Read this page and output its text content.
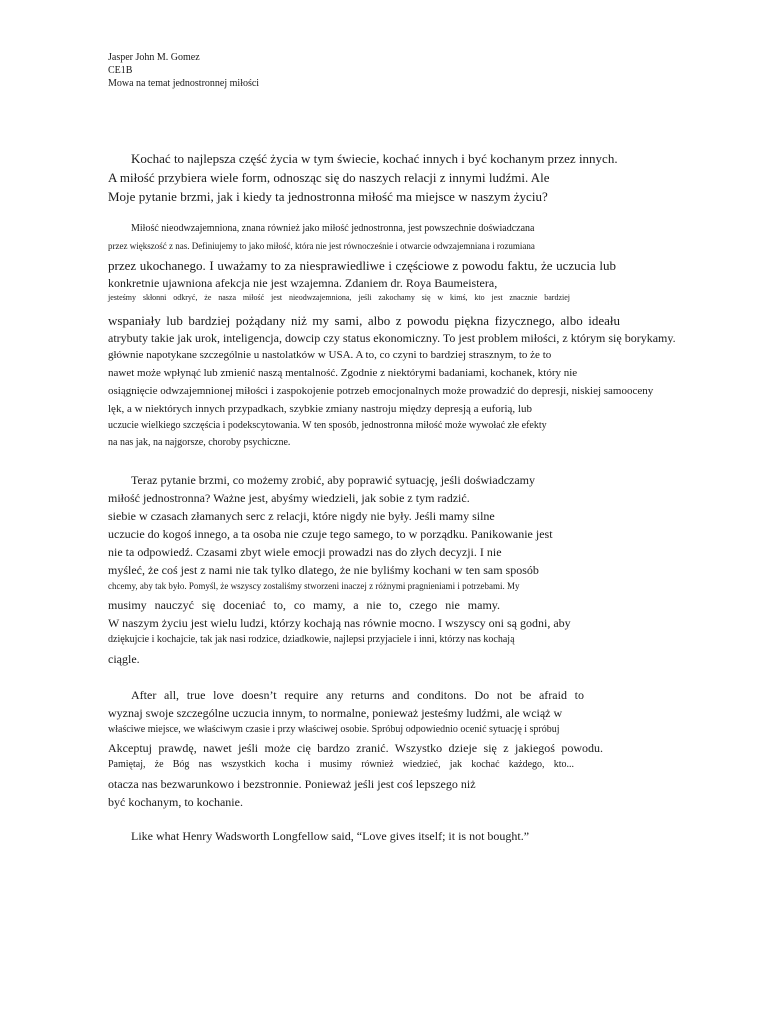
Jasper John M. Gomez
CE1B
Mowa na temat jednostronnej miłości
Kochać to najlepsza część życia w tym świecie, kochać innych i być kochanym przez innych.
A miłość przybiera wiele form, odnosząc się do naszych relacji z innymi ludźmi. Ale
Moje pytanie brzmi, jak i kiedy ta jednostronna miłość ma miejsce w naszym życiu?
Miłość nieodwzajemniona, znana również jako miłość jednostronna, jest powszechnie doświadczana
przez większość z nas. Definiujemy to jako miłość, która nie jest równocześnie i otwarcie odwzajemniana i rozumiana
przez ukochanego. I uważamy to za niesprawiedliwe i częściowe z powodu faktu, że uczucia lub
konkretnie ujawniona afekcja nie jest wzajemna. Zdaniem dr. Roya Baumeistera,
jesteśmy skłonni odkryć, że nasza miłość jest nieodwzajemniona, jeśli zakochamy się w kimś, kto jest znacznie bardziej
wspaniały lub bardziej pożądany niż my sami, albo z powodu piękna fizycznego, albo ideału
atrybuty takie jak urok, inteligencja, dowcip czy status ekonomiczny. To jest problem miłości, z którym się borykamy.
głównie napotykane szczególnie u nastolatków w USA. A to, co czyni to bardziej strasznym, to że to
nawet może wpłynąć lub zmienić naszą mentalność. Zgodnie z niektórymi badaniami, kochanek, który nie
osiągnięcie odwzajemnionej miłości i zaspokojenie potrzeb emocjonalnych może prowadzić do depresji, niskiej samooceny
lęk, a w niektórych innych przypadkach, szybkie zmiany nastroju między depresją a euforią, lub
uczucie wielkiego szczęścia i podekscytowania. W ten sposób, jednostronna miłość może wywołać złe efekty
na nas jak, na najgorsze, choroby psychiczne.
Teraz pytanie brzmi, co możemy zrobić, aby poprawić sytuację, jeśli doświadczamy
miłość jednostronna? Ważne jest, abyśmy wiedzieli, jak sobie z tym radzić.
siebie w czasach złamanych serc z relacji, które nigdy nie były. Jeśli mamy silne
uczucie do kogoś innego, a ta osoba nie czuje tego samego, to w porządku. Panikowanie jest
nie ta odpowiedź. Czasami zbyt wiele emocji prowadzi nas do złych decyzji. I nie
myśleć, że coś jest z nami nie tak tylko dlatego, że nie byliśmy kochani w ten sam sposób
chcemy, aby tak było. Pomyśl, że wszyscy zostaliśmy stworzeni inaczej z różnymi pragnieniami i potrzebami. My
musimy nauczyć się doceniać to, co mamy, a nie to, czego nie mamy.
W naszym życiu jest wielu ludzi, którzy kochają nas równie mocno. I wszyscy oni są godni, aby
dziękujcie i kochajcie, tak jak nasi rodzice, dziadkowie, najlepsi przyjaciele i inni, którzy nas kochają
ciągle.
After all, true love doesn’t require any returns and conditons. Do not be afraid to
wyznaj swoje szczególne uczucia innym, to normalne, ponieważ jesteśmy ludźmi, ale wciąż w
właściwe miejsce, we właściwym czasie i przy właściwej osobie. Spróbuj odpowiednio ocenić sytuację i spróbuj
Akceptuj prawdę, nawet jeśli może cię bardzo zranić. Wszystko dzieje się z jakiegoś powodu.
Pamiętaj, że Bóg nas wszystkich kocha i musimy również wiedzieć, jak kochać każdego, kto...
otacza nas bezwarunkowo i bezstronnie. Ponieważ jeśli jest coś lepszego niż
być kochanym, to kochanie.
Like what Henry Wadsworth Longfellow said, “Love gives itself; it is not bought.”
